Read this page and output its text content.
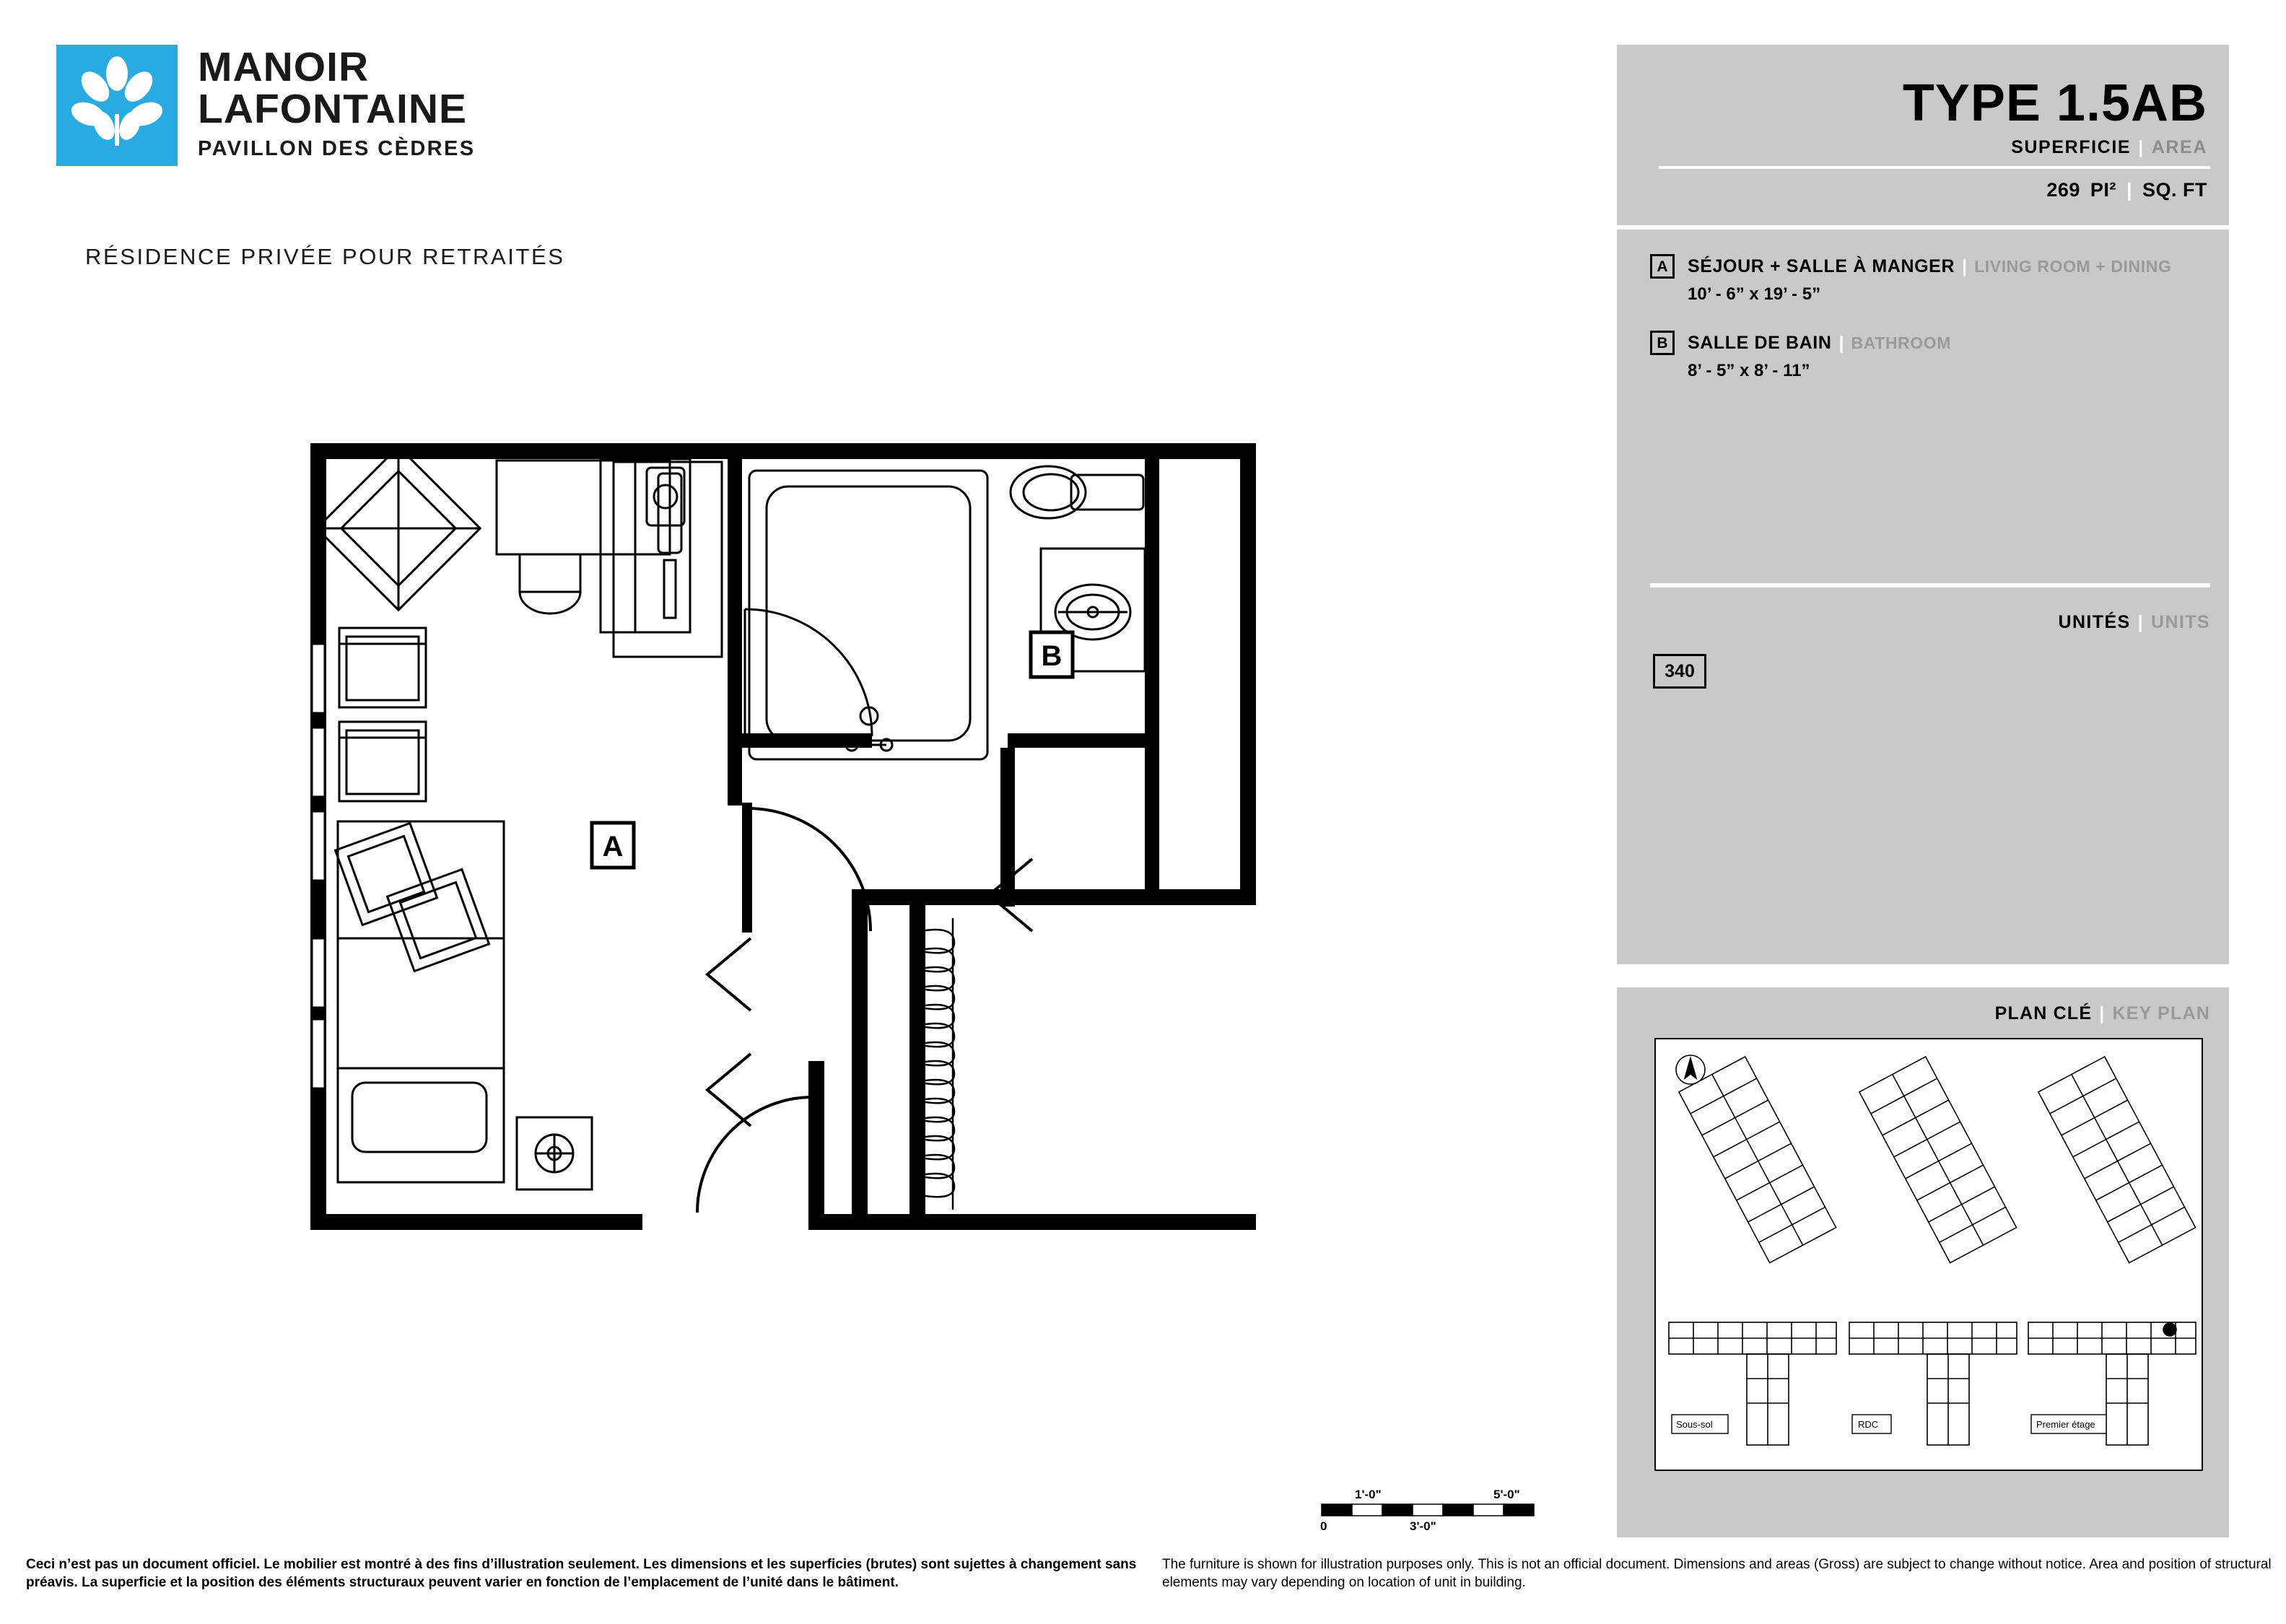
MANOIR
LAFONTAINE
PAVILLON DES CÈDRES
RÉSIDENCE PRIVÉE POUR RETRAITÉS
TYPE 1.5AB
SUPERFICIE | AREA
269 PI² | SQ. FT
A	SÉJOUR + SALLE À MANGER | LIVING ROOM + DINING
10’ - 6” x 19’ - 5”
B	SALLE DE BAIN | BATHROOM
8’ - 5” x 8’ - 11”
UNITÉS | UNITS
340
PLAN CLÉ | KEY PLAN
Sous-sol	RDC	Premier étage
A
B
1'-0"	5'-0"
0	3'-0"
Ceci n’est pas un document officiel. Le mobilier est montré à des fins d’illustration seulement. Les dimensions et les superficies (brutes) sont sujettes à changement sans préavis. La superficie et la position des éléments structuraux peuvent varier en fonction de l’emplacement de l’unité dans le bâtiment.
The furniture is shown for illustration purposes only. This is not an official document. Dimensions and areas (Gross) are subject to change without notice. Area and position of structural elements may vary depending on location of unit in building.
